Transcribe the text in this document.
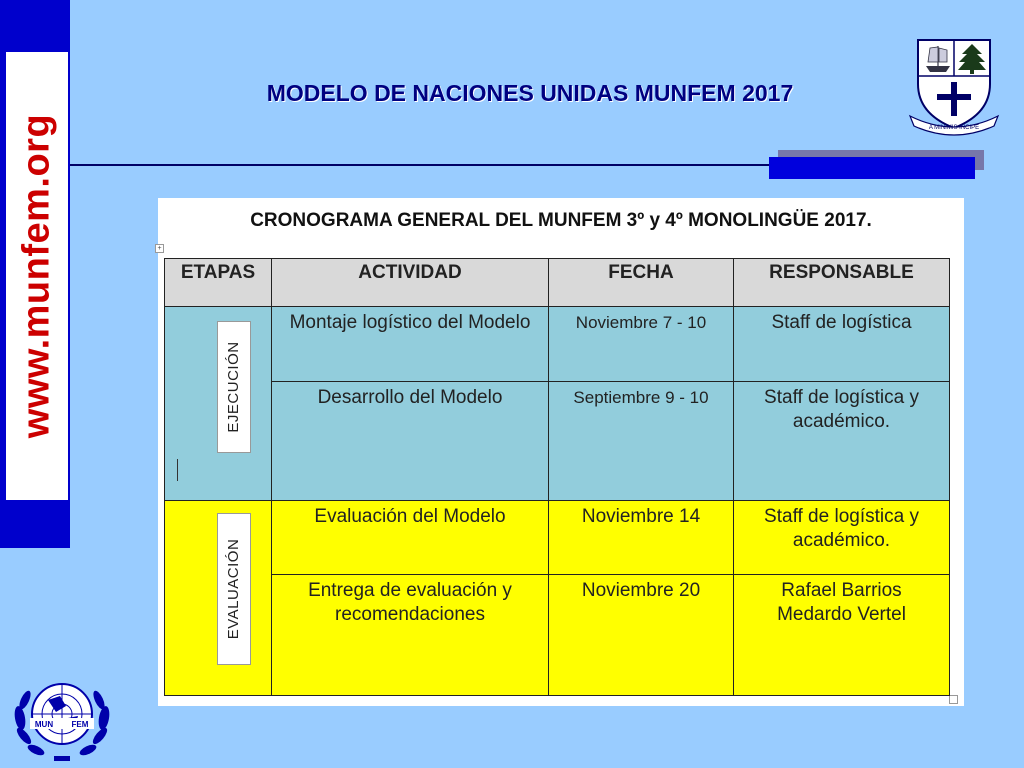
www.munfem.org
MODELO DE NACIONES UNIDAS MUNFEM 2017
A MINIMIS INCIPE
MUN FEM
CRONOGRAMA GENERAL DEL MUNFEM 3º y 4º MONOLINGÜE 2017.
+
ETAPAS	ACTIVIDAD	FECHA	RESPONSABLE

EJECUCIÓN	Montaje logístico del Modelo	Noviembre 7 - 10	Staff de logística
	Desarrollo del Modelo	Septiembre 9 - 10	Staff de logística y académico.

EVALUACIÓN	Evaluación del Modelo	Noviembre 14	Staff de logística y académico.
	Entrega de evaluación y recomendaciones	Noviembre 20	Rafael Barrios
Medardo Vertel
